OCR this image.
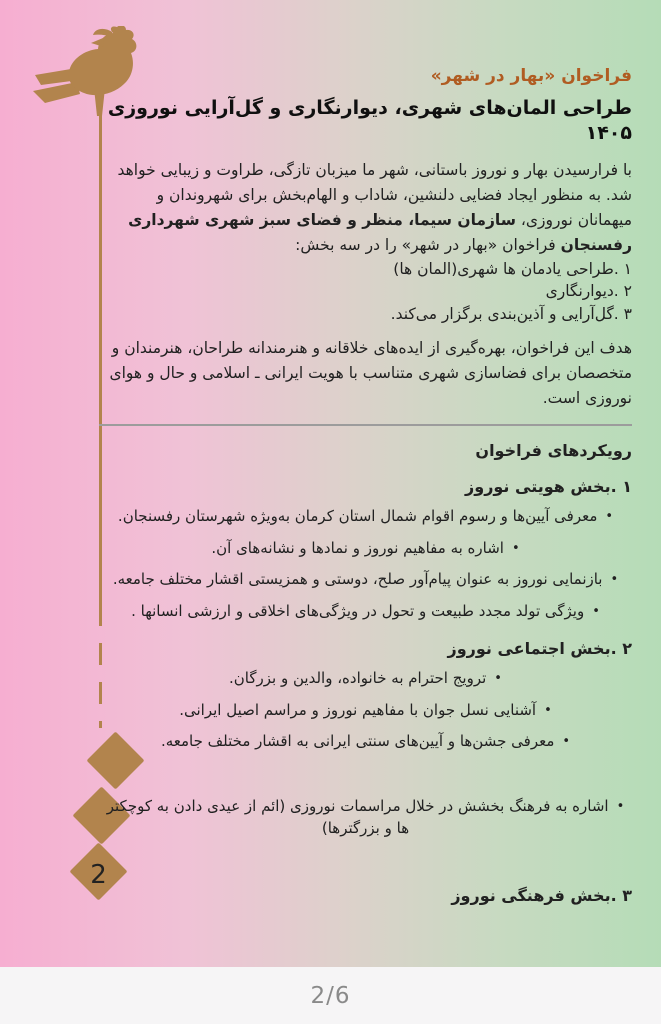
2
فراخوان «بهار در شهر»
طراحی المان‌های شهری، دیوارنگاری و گل‌آرایی نوروزی ۱۴۰۵

با فرارسیدن بهار و نوروز باستانی، شهر ما میزبان تازگی، طراوت و زیبایی خواهد شد. به منظور ایجاد فضایی دلنشین، شاداب و الهام‌بخش برای شهروندان و میهمانان نوروزی، سازمان سیما، منظر و فضای سبز شهری شهرداری رفسنجان فراخوان «بهار در شهر» را در سه بخش:

۱ .طراحی یادمان ها شهری(المان ها)
۲ .دیوارنگاری
۳ .گل‌آرایی و آذین‌بندی برگزار می‌کند.

هدف این فراخوان، بهره‌گیری از ایده‌های خلاقانه و هنرمندانه طراحان، هنرمندان و متخصصان برای فضاسازی شهری متناسب با هویت ایرانی ـ اسلامی و حال و هوای نوروزی است.

رویکردهای فراخوان
۱ .بخش هویتی نوروز
•معرفی آیین‌ها و رسوم اقوام شمال استان کرمان به‌ویژه شهرستان رفسنجان.
•اشاره به مفاهیم نوروز و نمادها و نشانه‌های آن.
•بازنمایی نوروز به عنوان پیام‌آور صلح، دوستی و همزیستی اقشار مختلف جامعه.
•ویژگی تولد مجدد طبیعت و تحول در ویژگی‌های اخلاقی و ارزشی انسانها .
۲ .بخش اجتماعی نوروز
•ترویج احترام به خانواده، والدین و بزرگان.
•آشنایی نسل جوان با مفاهیم نوروز و مراسم اصیل ایرانی.
•معرفی جشن‌ها و آیین‌های سنتی ایرانی به اقشار مختلف جامعه.
•اشاره به فرهنگ بخشش در خلال مراسمات نوروزی (ائم از عیدی دادن به کوچکتر ها و بزرگترها)
۳ .بخش فرهنگی نوروز
2/6
